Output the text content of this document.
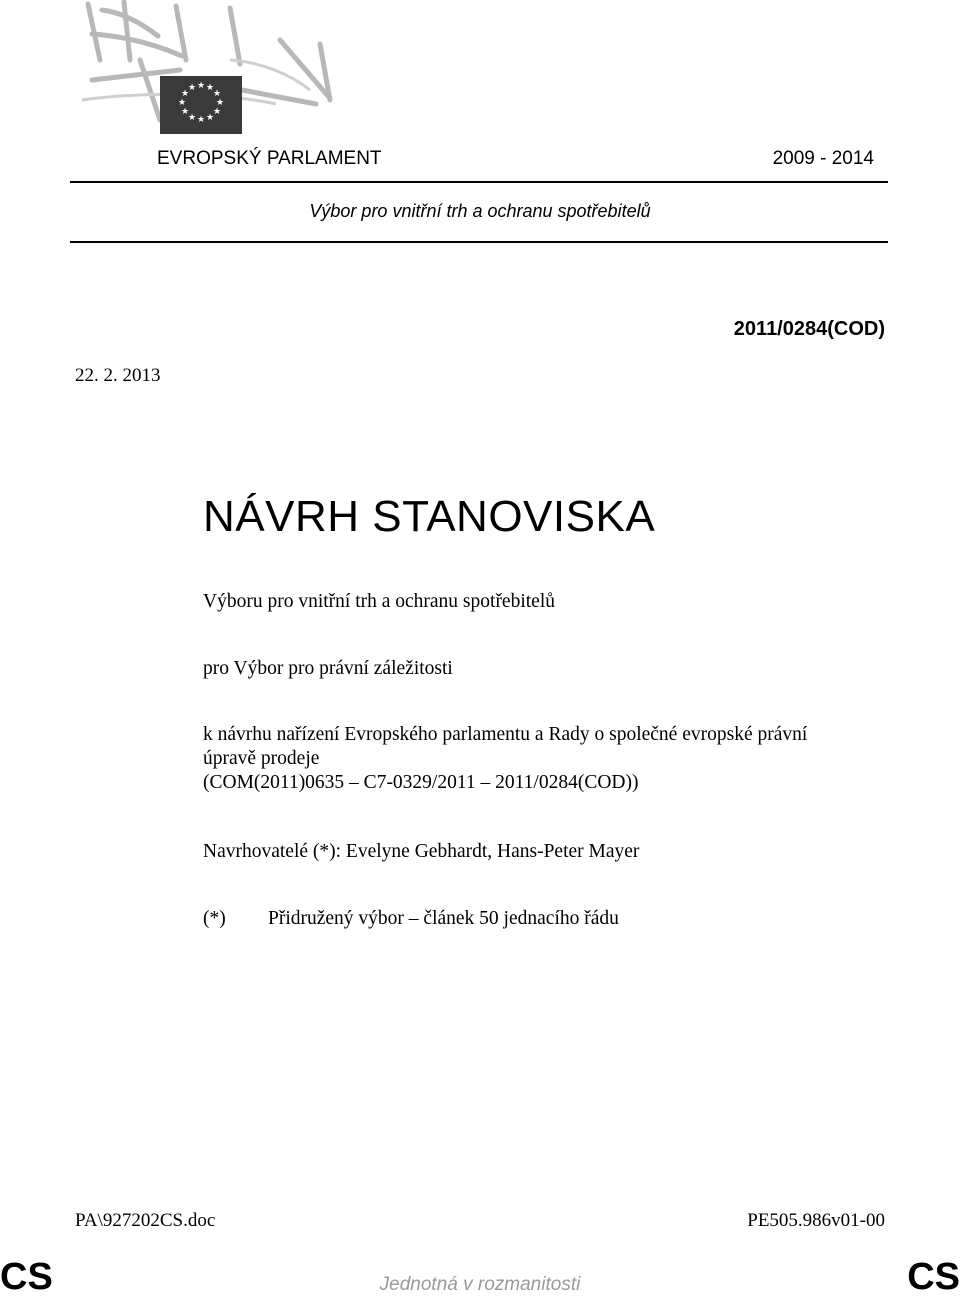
★ ★
★
★
★
★
★
★
★
★
★
★
EVROPSKÝ PARLAMENT	2009 - 2014
Výbor pro vnitřní trh a ochranu spotřebitelů
2011/0284(COD)
22. 2. 2013
NÁVRH STANOVISKA
Výboru pro vnitřní trh a ochranu spotřebitelů
pro Výbor pro právní záležitosti
k návrhu nařízení Evropského parlamentu a Rady o společné evropské právní
úpravě prodeje
(COM(2011)0635 – C7-0329/2011 – 2011/0284(COD))
Navrhovatelé (*): Evelyne Gebhardt, Hans-Peter Mayer
(*) Přidružený výbor – článek 50 jednacího řádu
PA\927202CS.doc	PE505.986v01-00
CS	Jednotná v rozmanitosti	CS
